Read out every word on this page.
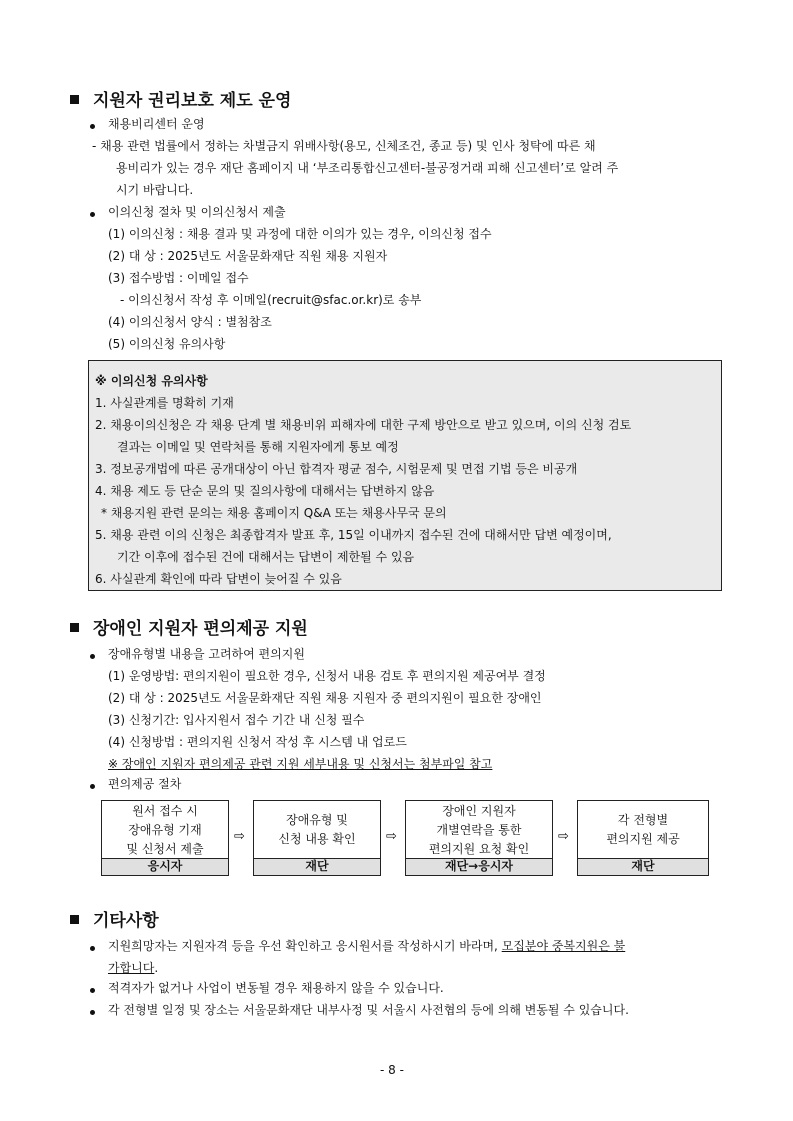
지원자 권리보호 제도 운영
채용비리센터 운영
- 채용 관련 법률에서 정하는 차별금지 위배사항(용모, 신체조건, 종교 등) 및 인사 청탁에 따른 채
용비리가 있는 경우 재단 홈페이지 내 ‘부조리통합신고센터-불공정거래 피해 신고센터’로 알려 주
시기 바랍니다.
이의신청 절차 및 이의신청서 제출
(1) 이의신청 : 채용 결과 및 과정에 대한 이의가 있는 경우, 이의신청 접수
(2) 대 상 : 2025년도 서울문화재단 직원 채용 지원자
(3) 접수방법 : 이메일 접수
- 이의신청서 작성 후 이메일(recruit@sfac.or.kr)로 송부
(4) 이의신청서 양식 : 별첨참조
(5) 이의신청 유의사항
※ 이의신청 유의사항
1. 사실관계를 명확히 기재
2. 채용이의신청은 각 채용 단계 별 채용비위 피해자에 대한 구제 방안으로 받고 있으며, 이의 신청 검토
결과는 이메일 및 연락처를 통해 지원자에게 통보 예정
3. 정보공개법에 따른 공개대상이 아닌 합격자 평균 점수, 시험문제 및 면접 기법 등은 비공개
4. 채용 제도 등 단순 문의 및 질의사항에 대해서는 답변하지 않음
* 채용지원 관련 문의는 채용 홈페이지 Q&A 또는 채용사무국 문의
5. 채용 관련 이의 신청은 최종합격자 발표 후, 15일 이내까지 접수된 건에 대해서만 답변 예정이며,
기간 이후에 접수된 건에 대해서는 답변이 제한될 수 있음
6. 사실관계 확인에 따라 답변이 늦어질 수 있음
장애인 지원자 편의제공 지원
장애유형별 내용을 고려하여 편의지원
(1) 운영방법: 편의지원이 필요한 경우, 신청서 내용 검토 후 편의지원 제공여부 결정
(2) 대 상 : 2025년도 서울문화재단 직원 채용 지원자 중 편의지원이 필요한 장애인
(3) 신청기간: 입사지원서 접수 기간 내 신청 필수
(4) 신청방법 : 편의지원 신청서 작성 후 시스템 내 업로드
※ 장애인 지원자 편의제공 관련 지원 세부내용 및 신청서는 첨부파일 참고
편의제공 절차
원서 접수 시
장애유형 기재
및 신청서 제출
응시자
⇨
장애유형 및
신청 내용 확인
재단
⇨
장애인 지원자
개별연락을 통한
편의지원 요청 확인
재단→응시자
⇨
각 전형별
편의지원 제공
재단
기타사항
지원희망자는 지원자격 등을 우선 확인하고 응시원서를 작성하시기 바라며, 모집분야 중복지원은 불
가합니다.
적격자가 없거나 사업이 변동될 경우 채용하지 않을 수 있습니다.
각 전형별 일정 및 장소는 서울문화재단 내부사정 및 서울시 사전협의 등에 의해 변동될 수 있습니다.
- 8 -
